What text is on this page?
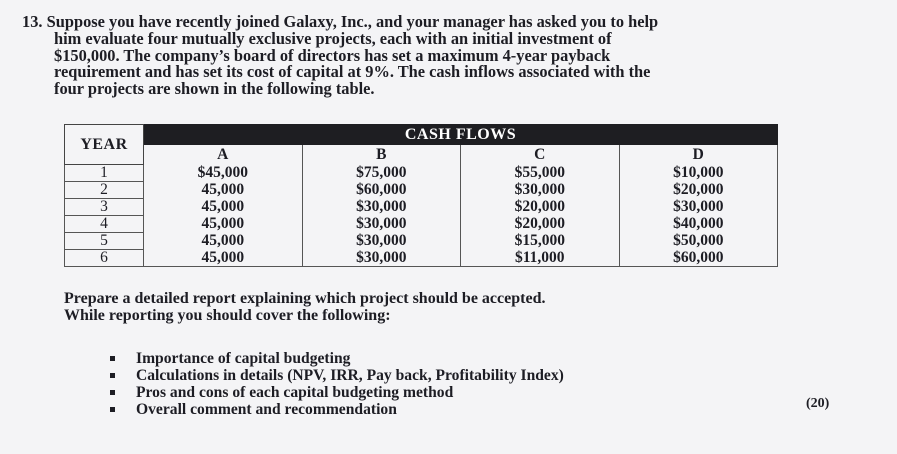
13. Suppose you have recently joined Galaxy, Inc., and your manager has asked you to help
him evaluate four mutually exclusive projects, each with an initial investment of
$150,000. The company’s board of directors has set a maximum 4-year payback
requirement and has set its cost of capital at 9%. The cash inflows associated with the
four projects are shown in the following table.
YEAR	CASH FLOWS			
	A	B	C	D
1	$45,000	$75,000	$55,000	$10,000
2	45,000	$60,000	$30,000	$20,000
3	45,000	$30,000	$20,000	$30,000
4	45,000	$30,000	$20,000	$40,000
5	45,000	$30,000	$15,000	$50,000
6	45,000	$30,000	$11,000	$60,000
Prepare a detailed report explaining which project should be accepted.
While reporting you should cover the following:
Importance of capital budgeting
Calculations in details (NPV, IRR, Pay back, Profitability Index)
Pros and cons of each capital budgeting method
Overall comment and recommendation	(20)
